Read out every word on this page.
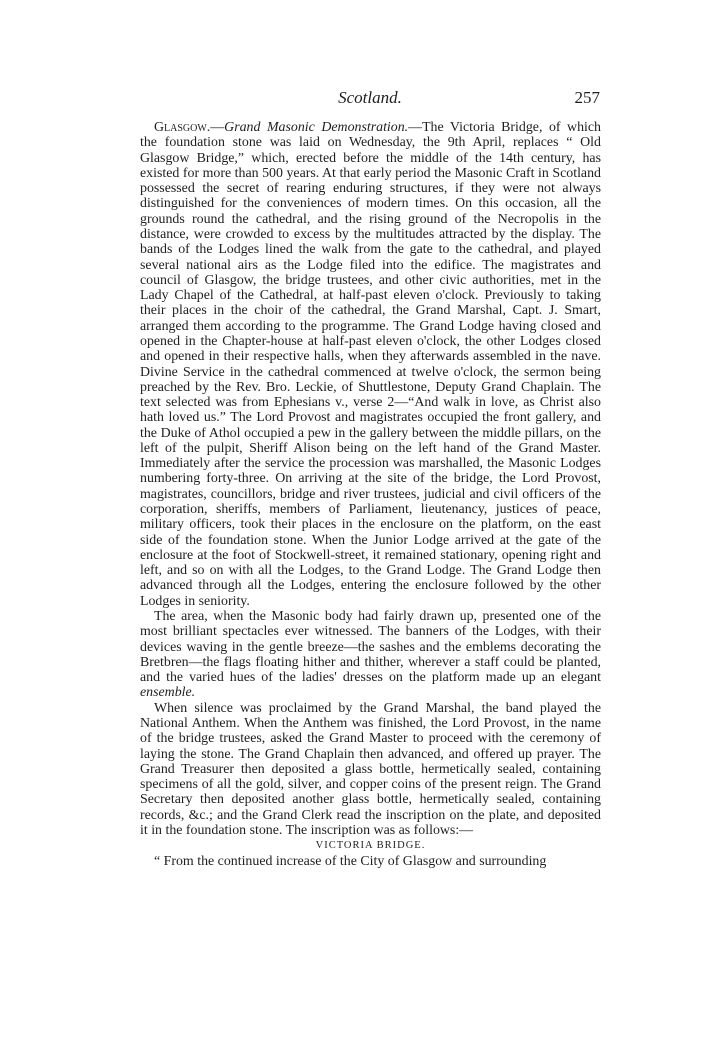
Scotland.	257

Glasgow.—Grand Masonic Demonstration.—The Victoria Bridge, of which the foundation stone was laid on Wednesday, the 9th April, replaces “ Old Glasgow Bridge,” which, erected before the middle of the 14th century, has existed for more than 500 years. At that early period the Masonic Craft in Scotland possessed the secret of rearing enduring structures, if they were not always distinguished for the conveniences of modern times. On this occasion, all the grounds round the cathedral, and the rising ground of the Necropolis in the distance, were crowded to excess by the multitudes attracted by the display. The bands of the Lodges lined the walk from the gate to the cathedral, and played several national airs as the Lodge filed into the edifice. The magistrates and council of Glasgow, the bridge trustees, and other civic authorities, met in the Lady Chapel of the Cathedral, at half-past eleven o'clock. Previously to taking their places in the choir of the cathedral, the Grand Marshal, Capt. J. Smart, arranged them according to the programme. The Grand Lodge having closed and opened in the Chapter-house at half-past eleven o'clock, the other Lodges closed and opened in their respective halls, when they afterwards assembled in the nave. Divine Service in the cathedral commenced at twelve o'clock, the sermon being preached by the Rev. Bro. Leckie, of Shuttlestone, Deputy Grand Chaplain. The text selected was from Ephesians v., verse 2—“And walk in love, as Christ also hath loved us.” The Lord Provost and magistrates occupied the front gallery, and the Duke of Athol occupied a pew in the gallery between the middle pillars, on the left of the pulpit, Sheriff Alison being on the left hand of the Grand Master. Immediately after the service the procession was marshalled, the Masonic Lodges numbering forty-three. On arriving at the site of the bridge, the Lord Provost, magistrates, councillors, bridge and river trustees, judicial and civil officers of the corporation, sheriffs, members of Parliament, lieutenancy, justices of peace, military officers, took their places in the enclosure on the platform, on the east side of the foundation stone. When the Junior Lodge arrived at the gate of the enclosure at the foot of Stockwell-street, it remained stationary, opening right and left, and so on with all the Lodges, to the Grand Lodge. The Grand Lodge then advanced through all the Lodges, entering the enclosure followed by the other Lodges in seniority.

The area, when the Masonic body had fairly drawn up, presented one of the most brilliant spectacles ever witnessed. The banners of the Lodges, with their devices waving in the gentle breeze—the sashes and the emblems decorating the Bretbren—the flags floating hither and thither, wherever a staff could be planted, and the varied hues of the ladies' dresses on the platform made up an elegant ensemble.

When silence was proclaimed by the Grand Marshal, the band played the National Anthem. When the Anthem was finished, the Lord Provost, in the name of the bridge trustees, asked the Grand Master to proceed with the ceremony of laying the stone. The Grand Chaplain then advanced, and offered up prayer. The Grand Treasurer then deposited a glass bottle, hermetically sealed, containing specimens of all the gold, silver, and copper coins of the present reign. The Grand Secretary then deposited another glass bottle, hermetically sealed, containing records, &c.; and the Grand Clerk read the inscription on the plate, and deposited it in the foundation stone. The inscription was as follows:—

VICTORIA BRIDGE.

“ From the continued increase of the City of Glasgow and surrounding
